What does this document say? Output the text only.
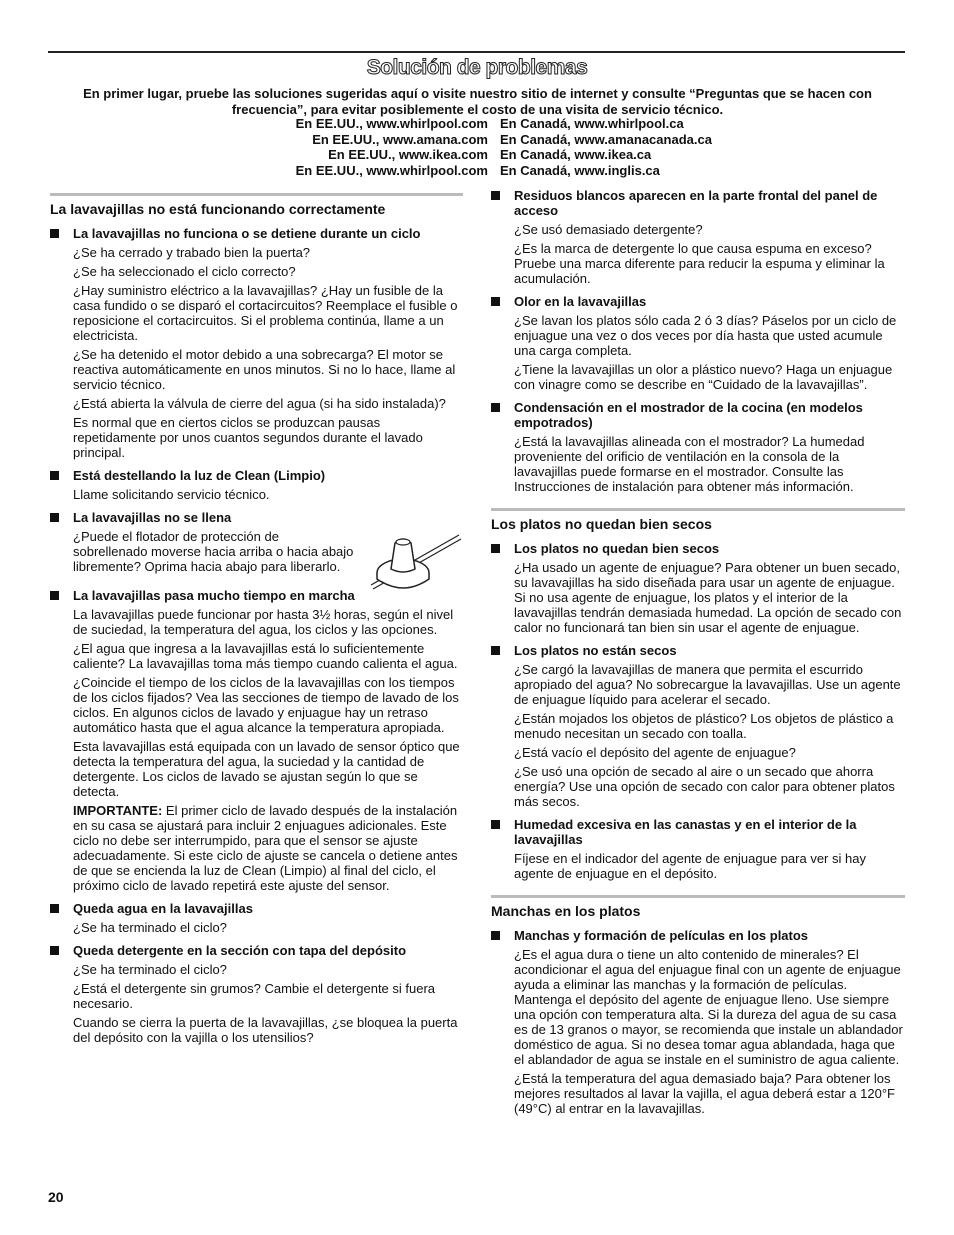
Solución de problemas
En primer lugar, pruebe las soluciones sugeridas aquí o visite nuestro sitio de internet y consulte “Preguntas que se hacen con frecuencia”, para evitar posiblemente el costo de una visita de servicio técnico.
En EE.UU., www.whirlpool.com En Canadá, www.whirlpool.ca
En EE.UU., www.amana.com En Canadá, www.amanacanada.ca
En EE.UU., www.ikea.com En Canadá, www.ikea.ca
En EE.UU., www.whirlpool.com En Canadá, www.inglis.ca
La lavavajillas no está funcionando correctamente
La lavavajillas no funciona o se detiene durante un ciclo
¿Se ha cerrado y trabado bien la puerta?
¿Se ha seleccionado el ciclo correcto?
¿Hay suministro eléctrico a la lavavajillas? ¿Hay un fusible de la casa fundido o se disparó el cortacircuitos? Reemplace el fusible o reposicione el cortacircuitos. Si el problema continúa, llame a un electricista.
¿Se ha detenido el motor debido a una sobrecarga? El motor se reactiva automáticamente en unos minutos. Si no lo hace, llame al servicio técnico.
¿Está abierta la válvula de cierre del agua (si ha sido instalada)?
Es normal que en ciertos ciclos se produzcan pausas repetidamente por unos cuantos segundos durante el lavado principal.
Está destellando la luz de Clean (Limpio)
Llame solicitando servicio técnico.
La lavavajillas no se llena
¿Puede el flotador de protección de sobrellenado moverse hacia arriba o hacia abajo libremente? Oprima hacia abajo para liberarlo.
La lavavajillas pasa mucho tiempo en marcha
La lavavajillas puede funcionar por hasta 3½ horas, según el nivel de suciedad, la temperatura del agua, los ciclos y las opciones.
¿El agua que ingresa a la lavavajillas está lo suficientemente caliente? La lavavajillas toma más tiempo cuando calienta el agua.
¿Coincide el tiempo de los ciclos de la lavavajillas con los tiempos de los ciclos fijados? Vea las secciones de tiempo de lavado de los ciclos. En algunos ciclos de lavado y enjuague hay un retraso automático hasta que el agua alcance la temperatura apropiada.
Esta lavavajillas está equipada con un lavado de sensor óptico que detecta la temperatura del agua, la suciedad y la cantidad de detergente. Los ciclos de lavado se ajustan según lo que se detecta.
IMPORTANTE: El primer ciclo de lavado después de la instalación en su casa se ajustará para incluir 2 enjuagues adicionales. Este ciclo no debe ser interrumpido, para que el sensor se ajuste adecuadamente. Si este ciclo de ajuste se cancela o detiene antes de que se encienda la luz de Clean (Limpio) al final del ciclo, el próximo ciclo de lavado repetirá este ajuste del sensor.
Queda agua en la lavavajillas
¿Se ha terminado el ciclo?
Queda detergente en la sección con tapa del depósito
¿Se ha terminado el ciclo?
¿Está el detergente sin grumos? Cambie el detergente si fuera necesario.
Cuando se cierra la puerta de la lavavajillas, ¿se bloquea la puerta del depósito con la vajilla o los utensilios?
Residuos blancos aparecen en la parte frontal del panel de acceso
¿Se usó demasiado detergente?
¿Es la marca de detergente lo que causa espuma en exceso? Pruebe una marca diferente para reducir la espuma y eliminar la acumulación.
Olor en la lavavajillas
¿Se lavan los platos sólo cada 2 ó 3 días? Páselos por un ciclo de enjuague una vez o dos veces por día hasta que usted acumule una carga completa.
¿Tiene la lavavajillas un olor a plástico nuevo? Haga un enjuague con vinagre como se describe en “Cuidado de la lavavajillas”.
Condensación en el mostrador de la cocina (en modelos empotrados)
¿Está la lavavajillas alineada con el mostrador? La humedad proveniente del orificio de ventilación en la consola de la lavavajillas puede formarse en el mostrador. Consulte las Instrucciones de instalación para obtener más información.
Los platos no quedan bien secos
Los platos no quedan bien secos
¿Ha usado un agente de enjuague? Para obtener un buen secado, su lavavajillas ha sido diseñada para usar un agente de enjuague. Si no usa agente de enjuague, los platos y el interior de la lavavajillas tendrán demasiada humedad. La opción de secado con calor no funcionará tan bien sin usar el agente de enjuague.
Los platos no están secos
¿Se cargó la lavavajillas de manera que permita el escurrido apropiado del agua? No sobrecargue la lavavajillas. Use un agente de enjuague líquido para acelerar el secado.
¿Están mojados los objetos de plástico? Los objetos de plástico a menudo necesitan un secado con toalla.
¿Está vacío el depósito del agente de enjuague?
¿Se usó una opción de secado al aire o un secado que ahorra energía? Use una opción de secado con calor para obtener platos más secos.
Humedad excesiva en las canastas y en el interior de la lavavajillas
Fíjese en el indicador del agente de enjuague para ver si hay agente de enjuague en el depósito.
Manchas en los platos
Manchas y formación de películas en los platos
¿Es el agua dura o tiene un alto contenido de minerales? El acondicionar el agua del enjuague final con un agente de enjuague ayuda a eliminar las manchas y la formación de películas. Mantenga el depósito del agente de enjuague lleno. Use siempre una opción con temperatura alta. Si la dureza del agua de su casa es de 13 granos o mayor, se recomienda que instale un ablandador doméstico de agua. Si no desea tomar agua ablandada, haga que el ablandador de agua se instale en el suministro de agua caliente.
¿Está la temperatura del agua demasiado baja? Para obtener los mejores resultados al lavar la vajilla, el agua deberá estar a 120°F (49°C) al entrar en la lavavajillas.
20
